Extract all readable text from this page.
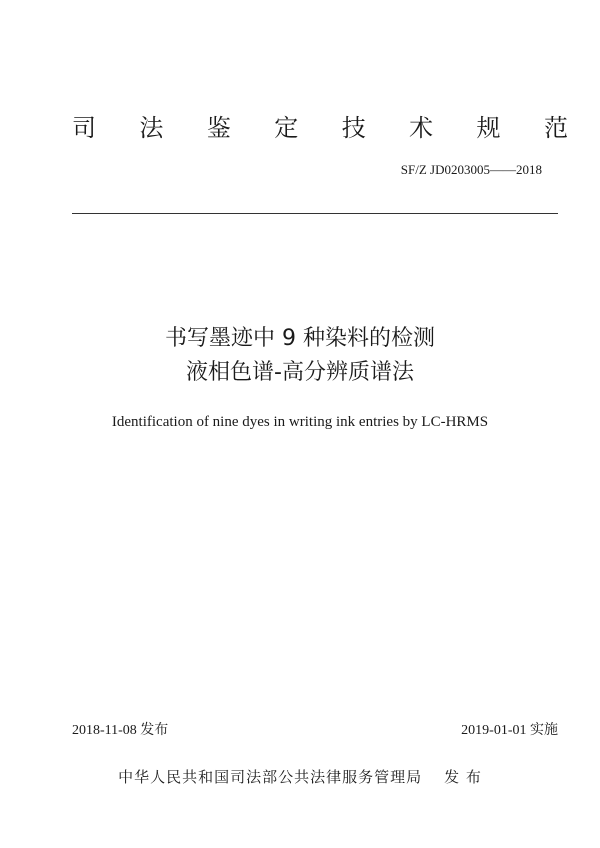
司 法 鉴 定 技 术 规 范
SF/Z JD0203005——2018
书写墨迹中 9 种染料的检测
液相色谱-高分辨质谱法
Identification of nine dyes in writing ink entries by LC-HRMS
2018-11-08 发布	2019-01-01 实施
中华人民共和国司法部公共法律服务管理局 发 布
